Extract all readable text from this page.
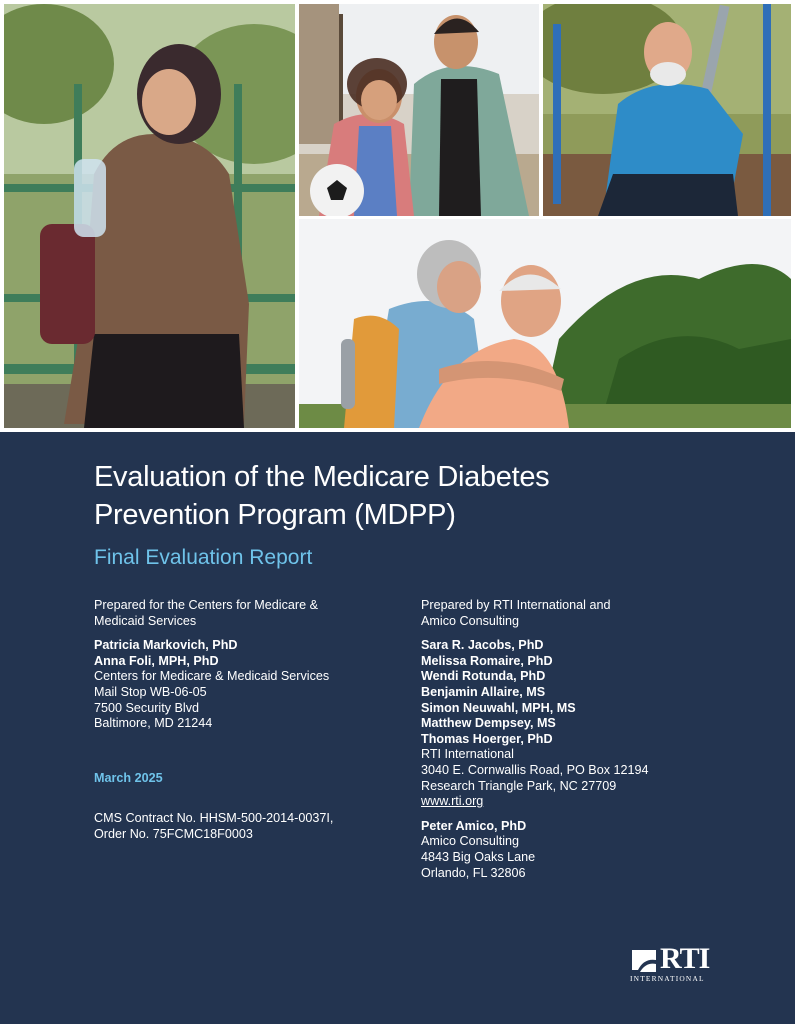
Evaluation of the Medicare Diabetes
Prevention Program (MDPP)
Final Evaluation Report
Prepared for the Centers for Medicare &
Medicaid Services
Patricia Markovich, PhD
Anna Foli, MPH, PhD
Centers for Medicare & Medicaid Services
Mail Stop WB-06-05
7500 Security Blvd
Baltimore, MD 21244
March 2025
CMS Contract No. HHSM-500-2014-0037I,
Order No. 75FCMC18F0003
Prepared by RTI International and
Amico Consulting
Sara R. Jacobs, PhD
Melissa Romaire, PhD
Wendi Rotunda, PhD
Benjamin Allaire, MS
Simon Neuwahl, MPH, MS
Matthew Dempsey, MS
Thomas Hoerger, PhD
RTI International
3040 E. Cornwallis Road, PO Box 12194
Research Triangle Park, NC 27709
www.rti.org
Peter Amico, PhD
Amico Consulting
4843 Big Oaks Lane
Orlando, FL 32806
RTI
INTERNATIONAL
